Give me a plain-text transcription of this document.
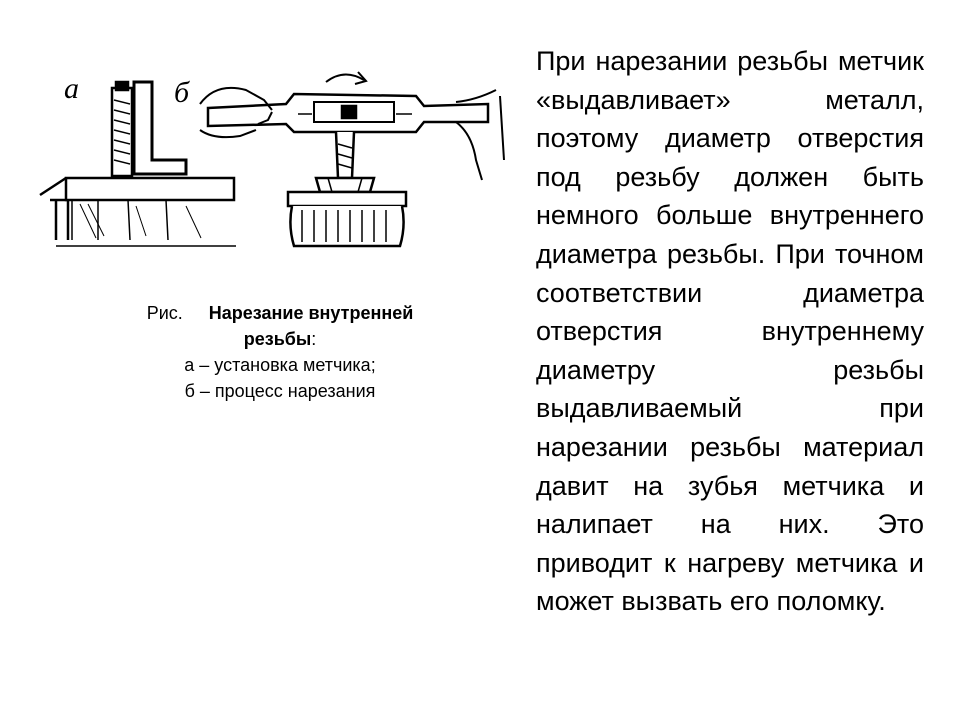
а	б
Рис. Нарезание внутренней
резьбы:
а – установка метчика;
б – процесс нарезания
При нарезании резьбы метчик «выдавливает» металл, поэтому диаметр отверстия под резьбу должен быть немного больше внутреннего диаметра резьбы. При точном соответствии диаметра отверстия внутреннему диаметру резьбы выдавливаемый при нарезании резьбы материал давит на зубья метчика и налипает на них. Это приводит к нагреву метчика и может вызвать его поломку.
